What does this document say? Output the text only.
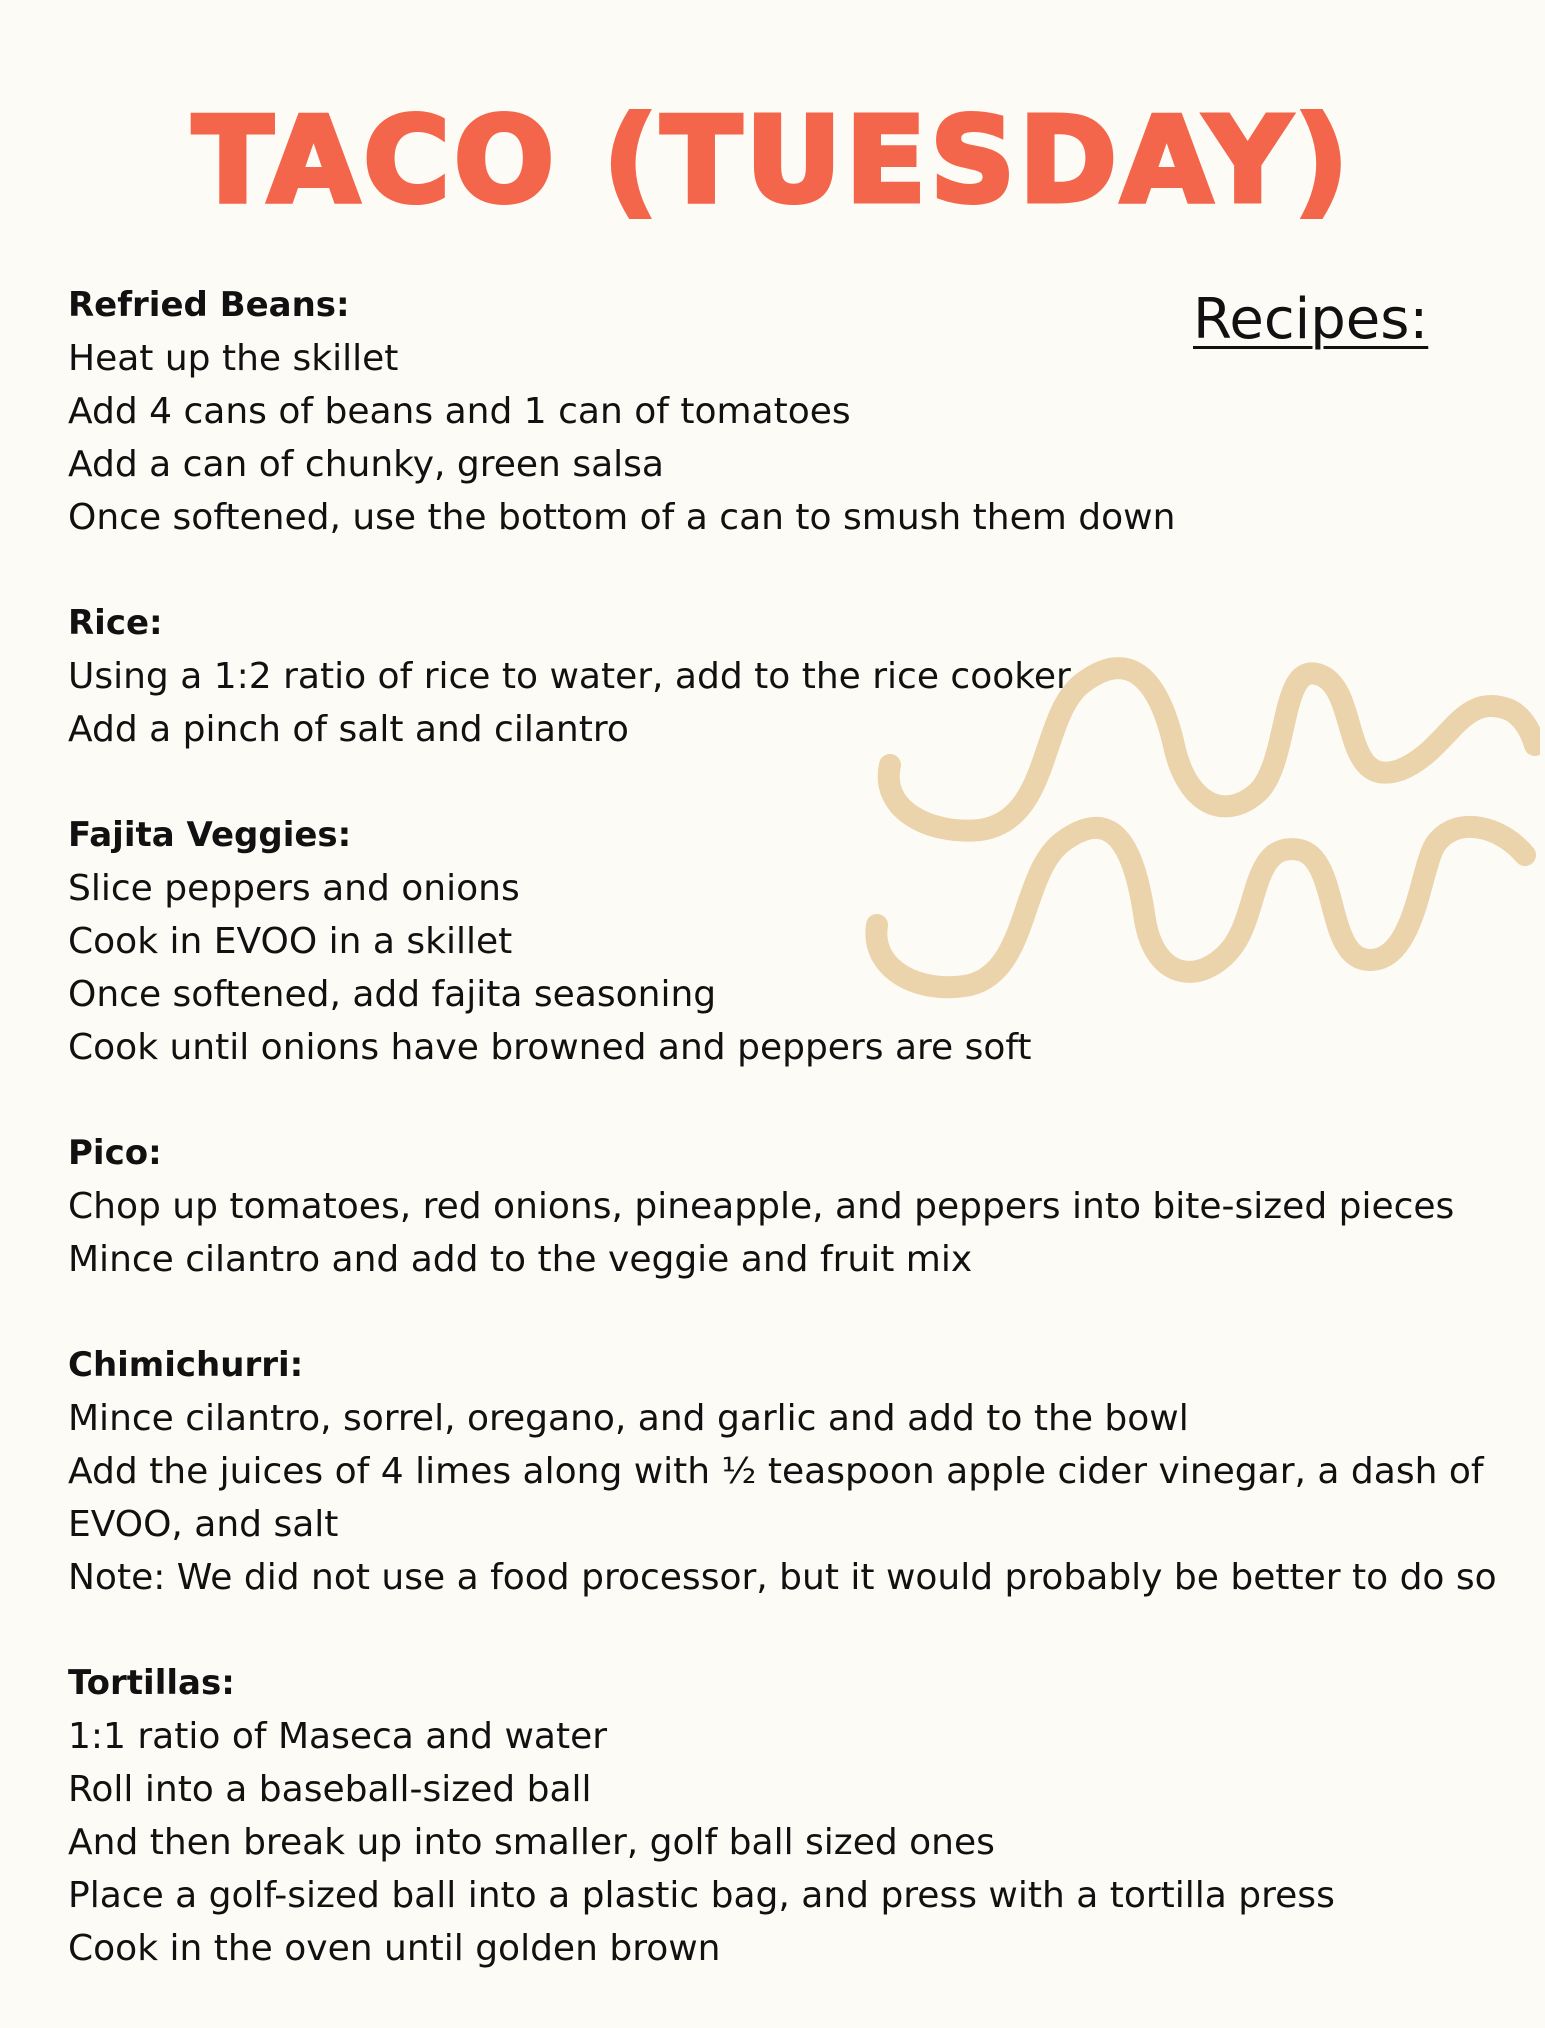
TACO (TUESDAY)
Recipes:
Refried Beans:
Heat up the skillet
Add 4 cans of beans and 1 can of tomatoes
Add a can of chunky, green salsa
Once softened, use the bottom of a can to smush them down
Rice:
Using a 1:2 ratio of rice to water, add to the rice cooker
Add a pinch of salt and cilantro
Fajita Veggies:
Slice peppers and onions
Cook in EVOO in a skillet
Once softened, add fajita seasoning
Cook until onions have browned and peppers are soft
Pico:
Chop up tomatoes, red onions, pineapple, and peppers into bite-sized pieces
Mince cilantro and add to the veggie and fruit mix
Chimichurri:
Mince cilantro, sorrel, oregano, and garlic and add to the bowl
Add the juices of 4 limes along with ½ teaspoon apple cider vinegar, a dash of EVOO, and salt
Note: We did not use a food processor, but it would probably be better to do so
Tortillas:
1:1 ratio of Maseca and water
Roll into a baseball-sized ball
And then break up into smaller, golf ball sized ones
Place a golf-sized ball into a plastic bag, and press with a tortilla press
Cook in the oven until golden brown
